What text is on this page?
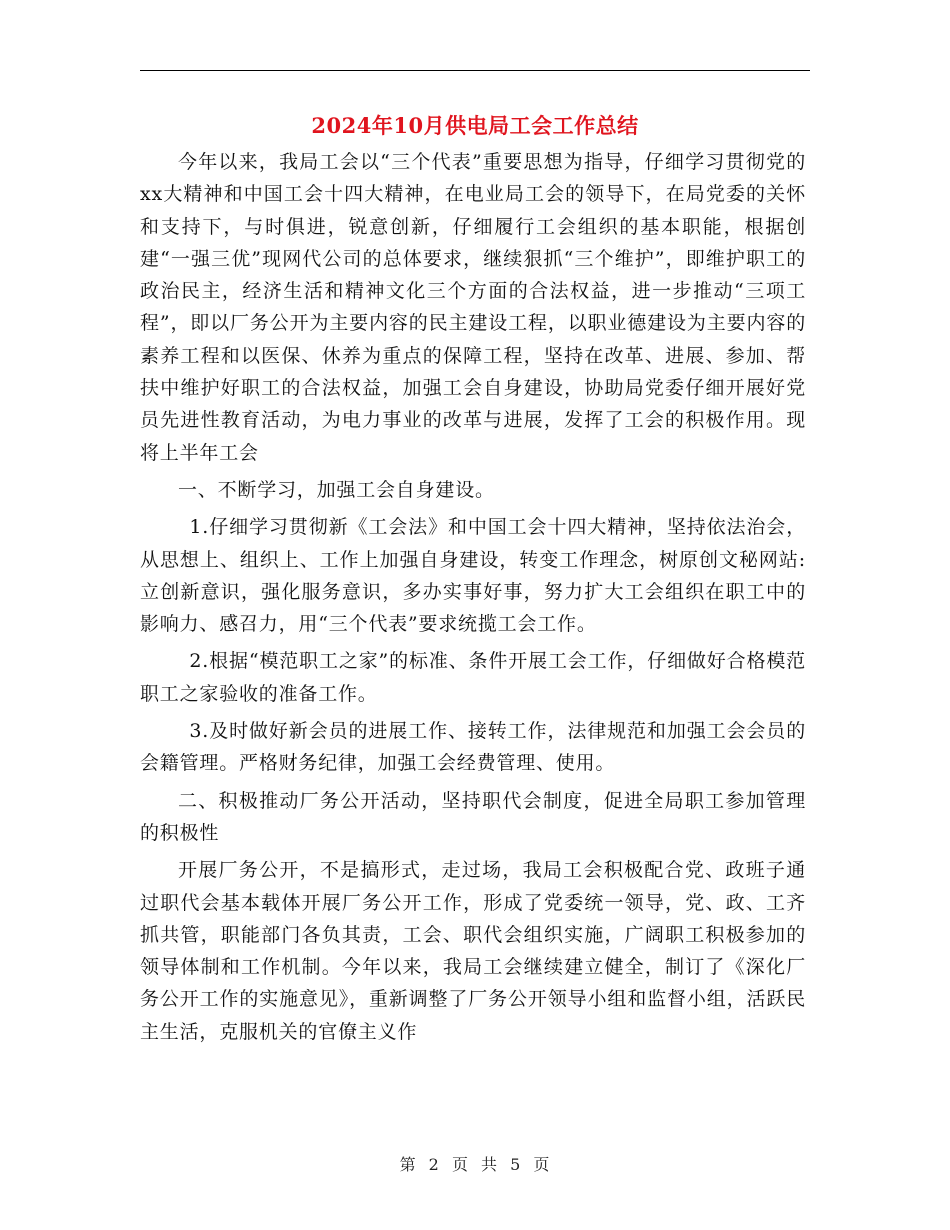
2024年10月供电局工会工作总结

今年以来，我局工会以“三个代表”重要思想为指导，仔细学习贯彻党的xx大精神和中国工会十四大精神，在电业局工会的领导下，在局党委的关怀和支持下，与时俱进，锐意创新，仔细履行工会组织的基本职能，根据创建“一强三优”现网代公司的总体要求，继续狠抓“三个维护”，即维护职工的政治民主，经济生活和精神文化三个方面的合法权益，进一步推动“三项工程”，即以厂务公开为主要内容的民主建设工程，以职业德建设为主要内容的素养工程和以医保、休养为重点的保障工程，坚持在改革、进展、参加、帮扶中维护好职工的合法权益，加强工会自身建设，协助局党委仔细开展好党员先进性教育活动，为电力事业的改革与进展，发挥了工会的积极作用。现将上半年工会

一、不断学习，加强工会自身建设。

1.仔细学习贯彻新《工会法》和中国工会十四大精神，坚持依法治会，从思想上、组织上、工作上加强自身建设，转变工作理念，树原创文秘网站:立创新意识，强化服务意识，多办实事好事，努力扩大工会组织在职工中的影响力、感召力，用“三个代表”要求统揽工会工作。

2.根据“模范职工之家”的标准、条件开展工会工作，仔细做好合格模范职工之家验收的准备工作。

3.及时做好新会员的进展工作、接转工作，法律规范和加强工会会员的会籍管理。严格财务纪律，加强工会经费管理、使用。

二、积极推动厂务公开活动，坚持职代会制度，促进全局职工参加管理的积极性

开展厂务公开，不是搞形式，走过场，我局工会积极配合党、政班子通过职代会基本载体开展厂务公开工作，形成了党委统一领导，党、政、工齐抓共管，职能部门各负其责，工会、职代会组织实施，广阔职工积极参加的领导体制和工作机制。今年以来，我局工会继续建立健全，制订了《深化厂务公开工作的实施意见》，重新调整了厂务公开领导小组和监督小组，活跃民主生活，克服机关的官僚主义作

第 2 页 共 5 页
